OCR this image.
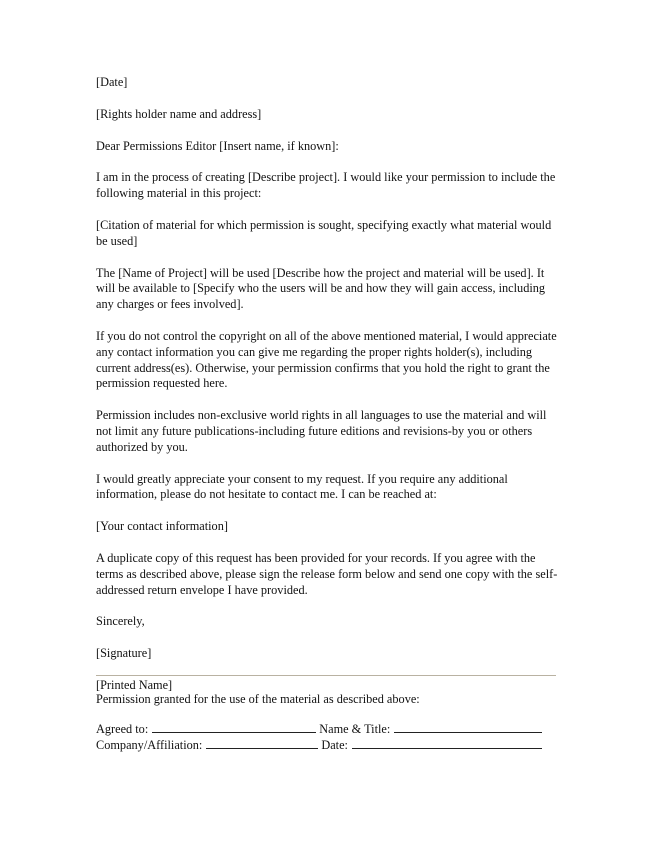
[Date]

[Rights holder name and address]

Dear Permissions Editor [Insert name, if known]:

I am in the process of creating [Describe project]. I would like your permission to include the following material in this project:

[Citation of material for which permission is sought, specifying exactly what material would be used]

The [Name of Project] will be used [Describe how the project and material will be used]. It will be available to [Specify who the users will be and how they will gain access, including any charges or fees involved].

If you do not control the copyright on all of the above mentioned material, I would appreciate any contact information you can give me regarding the proper rights holder(s), including current address(es). Otherwise, your permission confirms that you hold the right to grant the permission requested here.

Permission includes non-exclusive world rights in all languages to use the material and will not limit any future publications-including future editions and revisions-by you or others authorized by you.

I would greatly appreciate your consent to my request. If you require any additional information, please do not hesitate to contact me. I can be reached at:

[Your contact information]

A duplicate copy of this request has been provided for your records. If you agree with the terms as described above, please sign the release form below and send one copy with the self-addressed return envelope I have provided.

Sincerely,

[Signature]

[Printed Name]

Permission granted for the use of the material as described above:

Agreed to:	Name & Title:
Company/Affiliation:	Date:
